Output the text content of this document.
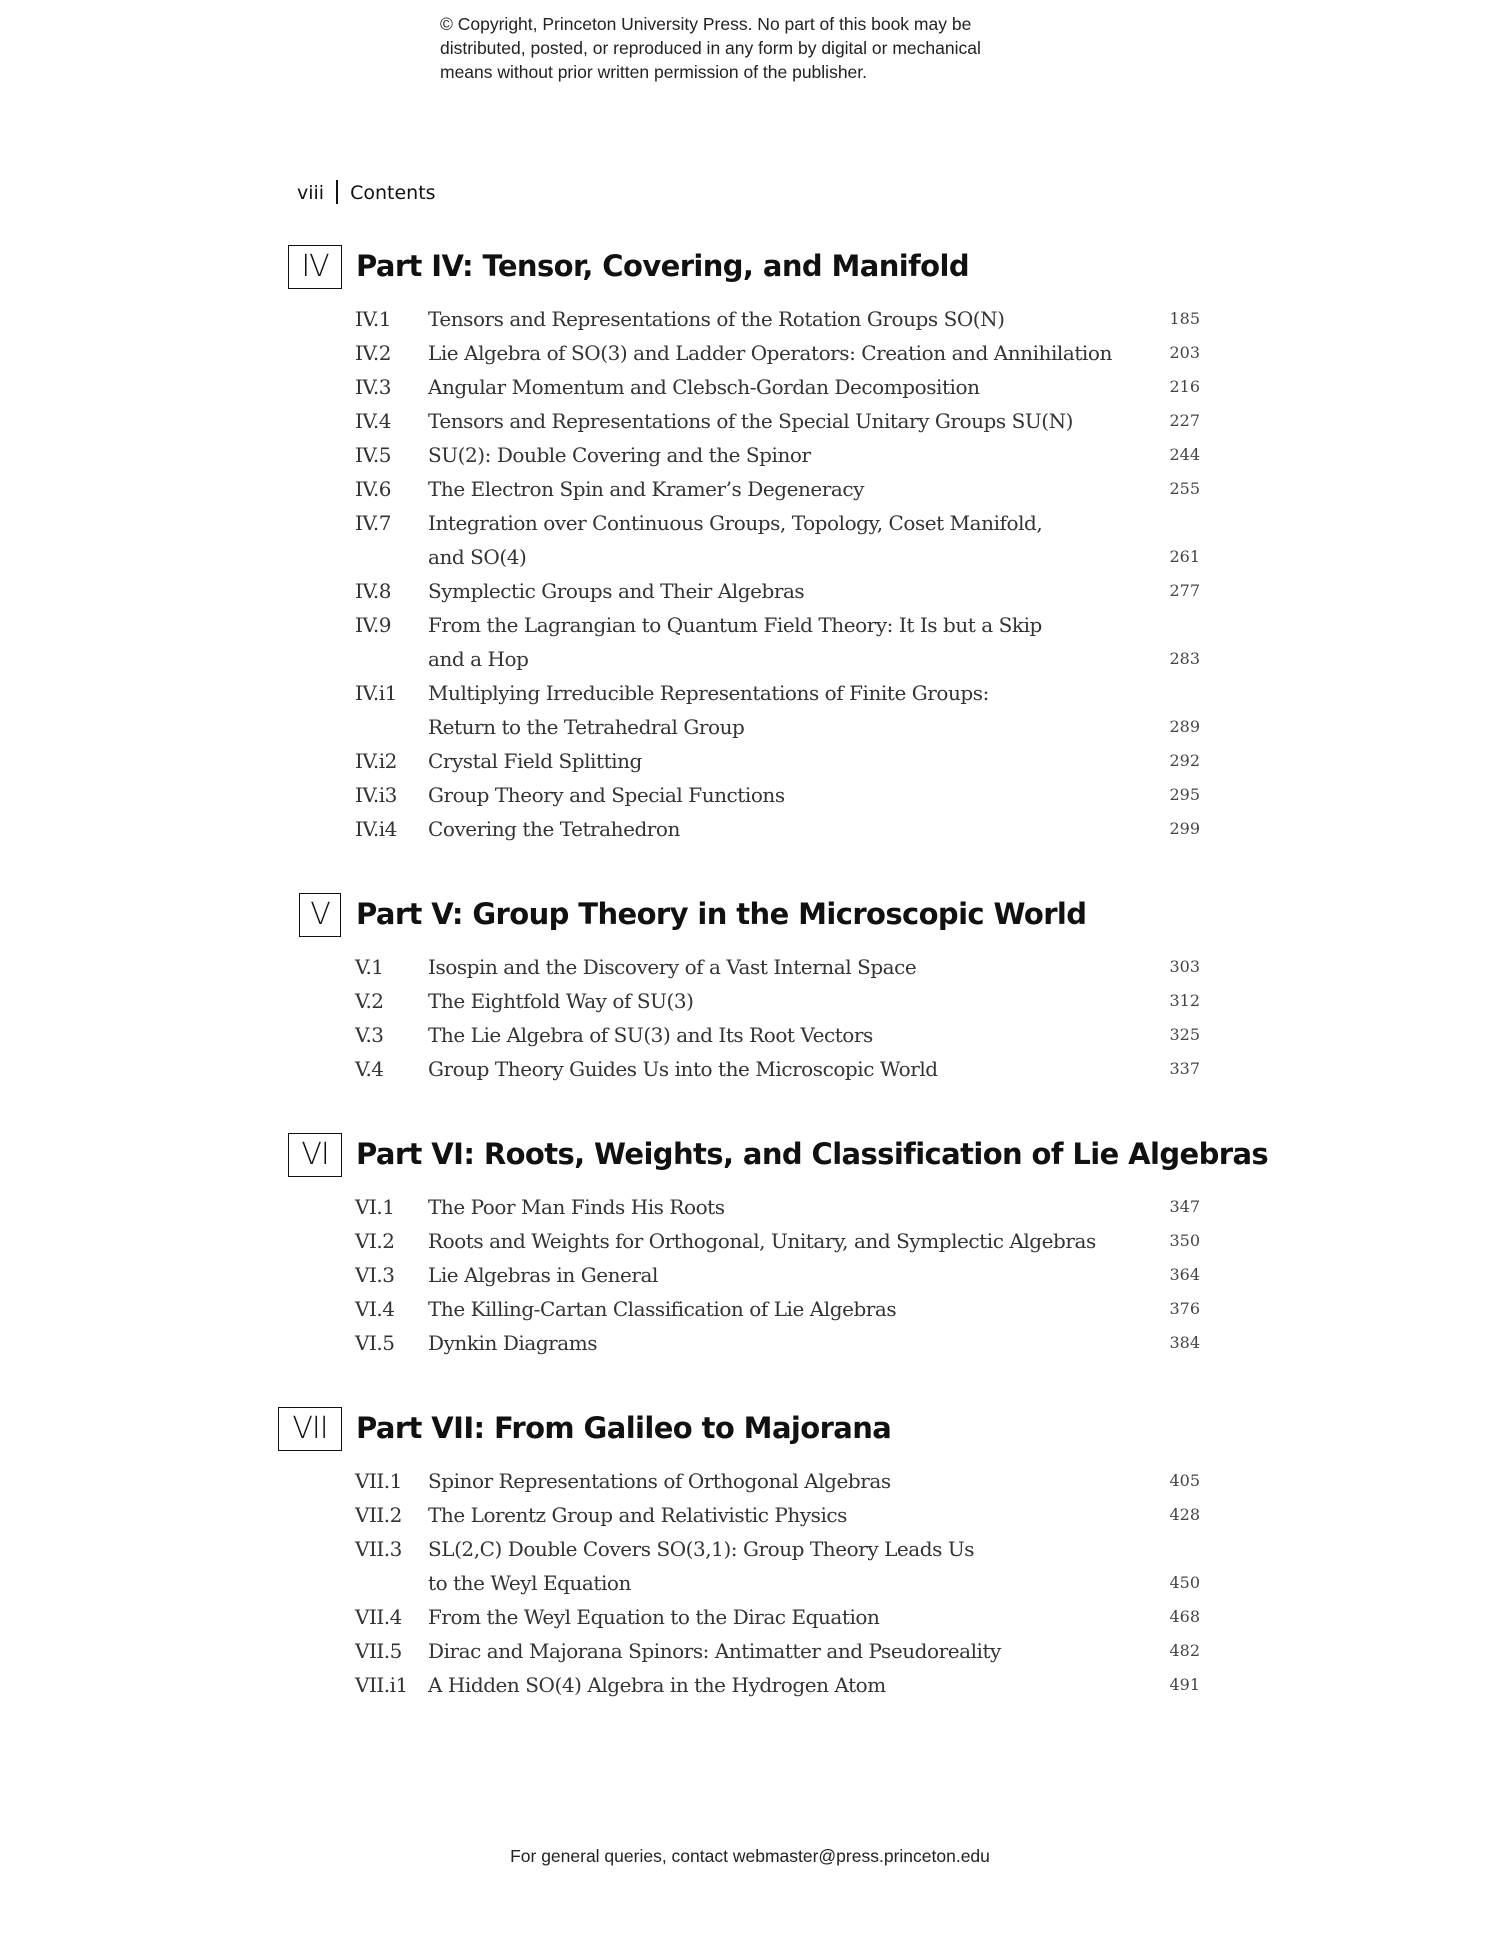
© Copyright, Princeton University Press. No part of this book may be
distributed, posted, or reproduced in any form by digital or mechanical
means without prior written permission of the publisher.
viii Contents
IV Part IV: Tensor, Covering, and Manifold
IV.1 Tensors and Representations of the Rotation Groups SO(N)	185
IV.2 Lie Algebra of SO(3) and Ladder Operators: Creation and Annihilation	203
IV.3 Angular Momentum and Clebsch-Gordan Decomposition	216
IV.4 Tensors and Representations of the Special Unitary Groups SU(N)	227
IV.5 SU(2): Double Covering and the Spinor	244
IV.6 The Electron Spin and Kramer’s Degeneracy	255
IV.7 Integration over Continuous Groups, Topology, Coset Manifold,
and SO(4)	261
IV.8 Symplectic Groups and Their Algebras	277
IV.9 From the Lagrangian to Quantum Field Theory: It Is but a Skip
and a Hop	283
IV.i1 Multiplying Irreducible Representations of Finite Groups:
Return to the Tetrahedral Group	289
IV.i2 Crystal Field Splitting	292
IV.i3 Group Theory and Special Functions	295
IV.i4 Covering the Tetrahedron	299
V Part V: Group Theory in the Microscopic World
V.1 Isospin and the Discovery of a Vast Internal Space	303
V.2 The Eightfold Way of SU(3)	312
V.3 The Lie Algebra of SU(3) and Its Root Vectors	325
V.4 Group Theory Guides Us into the Microscopic World	337
VI Part VI: Roots, Weights, and Classification of Lie Algebras
VI.1 The Poor Man Finds His Roots	347
VI.2 Roots and Weights for Orthogonal, Unitary, and Symplectic Algebras	350
VI.3 Lie Algebras in General	364
VI.4 The Killing-Cartan Classification of Lie Algebras	376
VI.5 Dynkin Diagrams	384
VII Part VII: From Galileo to Majorana
VII.1 Spinor Representations of Orthogonal Algebras	405
VII.2 The Lorentz Group and Relativistic Physics	428
VII.3 SL(2,C) Double Covers SO(3,1): Group Theory Leads Us
to the Weyl Equation	450
VII.4 From the Weyl Equation to the Dirac Equation	468
VII.5 Dirac and Majorana Spinors: Antimatter and Pseudoreality	482
VII.i1 A Hidden SO(4) Algebra in the Hydrogen Atom	491
For general queries, contact webmaster@press.princeton.edu
